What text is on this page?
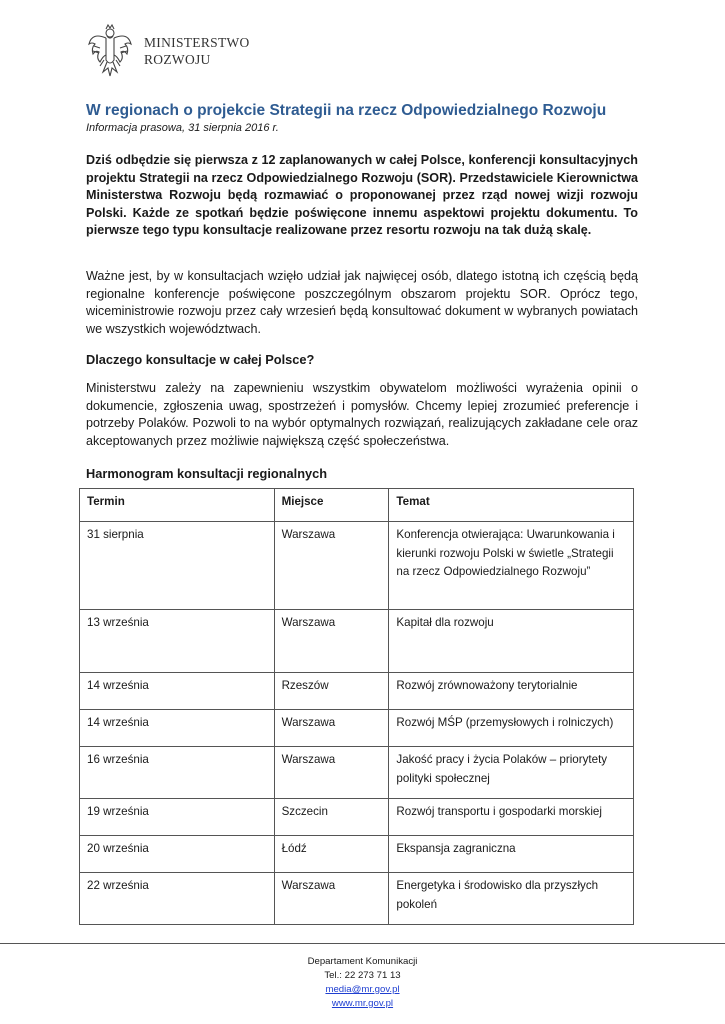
MINISTERSTWO
ROZWOJU
W regionach o projekcie Strategii na rzecz Odpowiedzialnego Rozwoju
Informacja prasowa, 31 sierpnia 2016 r.

Dziś odbędzie się pierwsza z 12 zaplanowanych w całej Polsce, konferencji konsultacyjnych projektu Strategii na rzecz Odpowiedzialnego Rozwoju (SOR). Przedstawiciele Kierownictwa Ministerstwa Rozwoju będą rozmawiać o proponowanej przez rząd nowej wizji rozwoju Polski. Każde ze spotkań będzie poświęcone innemu aspektowi projektu dokumentu. To pierwsze tego typu konsultacje realizowane przez resortu rozwoju na tak dużą skalę.

Ważne jest, by w konsultacjach wzięło udział jak najwięcej osób, dlatego istotną ich częścią będą regionalne konferencje poświęcone poszczególnym obszarom projektu SOR. Oprócz tego, wiceministrowie rozwoju przez cały wrzesień będą konsultować dokument w wybranych powiatach we wszystkich województwach.

Dlaczego konsultacje w całej Polsce?

Ministerstwu zależy na zapewnieniu wszystkim obywatelom możliwości wyrażenia opinii o dokumencie, zgłoszenia uwag, spostrzeżeń i pomysłów. Chcemy lepiej zrozumieć preferencje i potrzeby Polaków. Pozwoli to na wybór optymalnych rozwiązań, realizujących zakładane cele oraz akceptowanych przez możliwie największą część społeczeństwa.

Harmonogram konsultacji regionalnych
Termin	Miejsce	Temat
31 sierpnia	Warszawa	Konferencja otwierająca: Uwarunkowania i kierunki rozwoju Polski w świetle „Strategii na rzecz Odpowiedzialnego Rozwoju”
13 września	Warszawa	Kapitał dla rozwoju
14 września	Rzeszów	Rozwój zrównoważony terytorialnie
14 września	Warszawa	Rozwój MŚP (przemysłowych i rolniczych)
16 września	Warszawa	Jakość pracy i życia Polaków – priorytety polityki społecznej
19 września	Szczecin	Rozwój transportu i gospodarki morskiej
20 września	Łódź	Ekspansja zagraniczna
22 września	Warszawa	Energetyka i środowisko dla przyszłych pokoleń
Departament Komunikacji
Tel.: 22 273 71 13
media@mr.gov.pl
www.mr.gov.pl
